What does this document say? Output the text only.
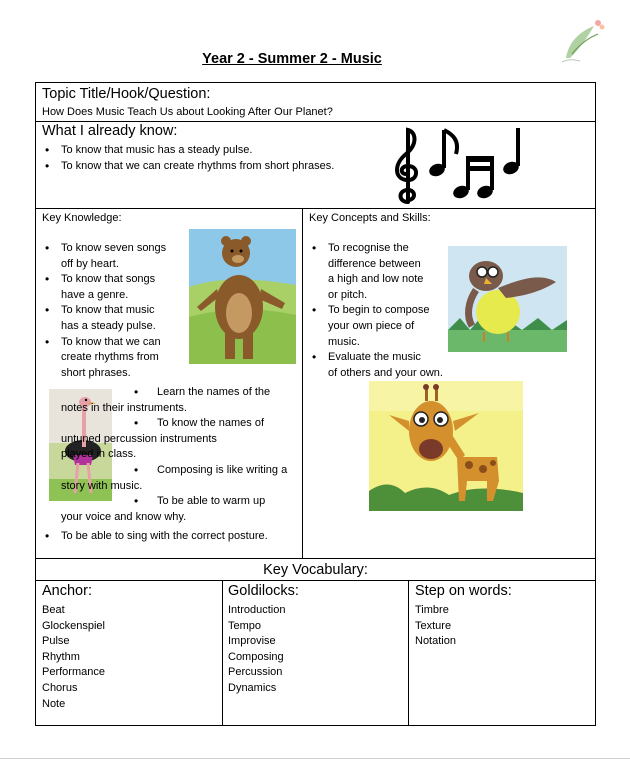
Year 2 - Summer 2 - Music
Topic Title/Hook/Question:
How Does Music Teach Us about Looking After Our Planet?
What I already know:
• To know that music has a steady pulse.
• To know that we can create rhythms from short phrases.
Key Knowledge:
• To know seven songs
off by heart.
• To know that songs
have a genre.
• To know that music
has a steady pulse.
• To know that we can
create rhythms from
short phrases.
•	Learn the names of the
notes in their instruments.
•	To know the names of
untuned percussion instruments
played in class.
•	Composing is like writing a
story with music.
•	To be able to warm up
your voice and know why.
• To be able to sing with the correct posture.
Key Concepts and Skills:
• To recognise the
difference between
a high and low note
or pitch.
• To begin to compose
your own piece of
music.
• Evaluate the music
of others and your own.
Key Vocabulary:
Anchor:
Beat
Glockenspiel
Pulse
Rhythm
Performance
Chorus
Note
Goldilocks:
Introduction
Tempo
Improvise
Composing
Percussion
Dynamics
Step on words:
Timbre
Texture
Notation
